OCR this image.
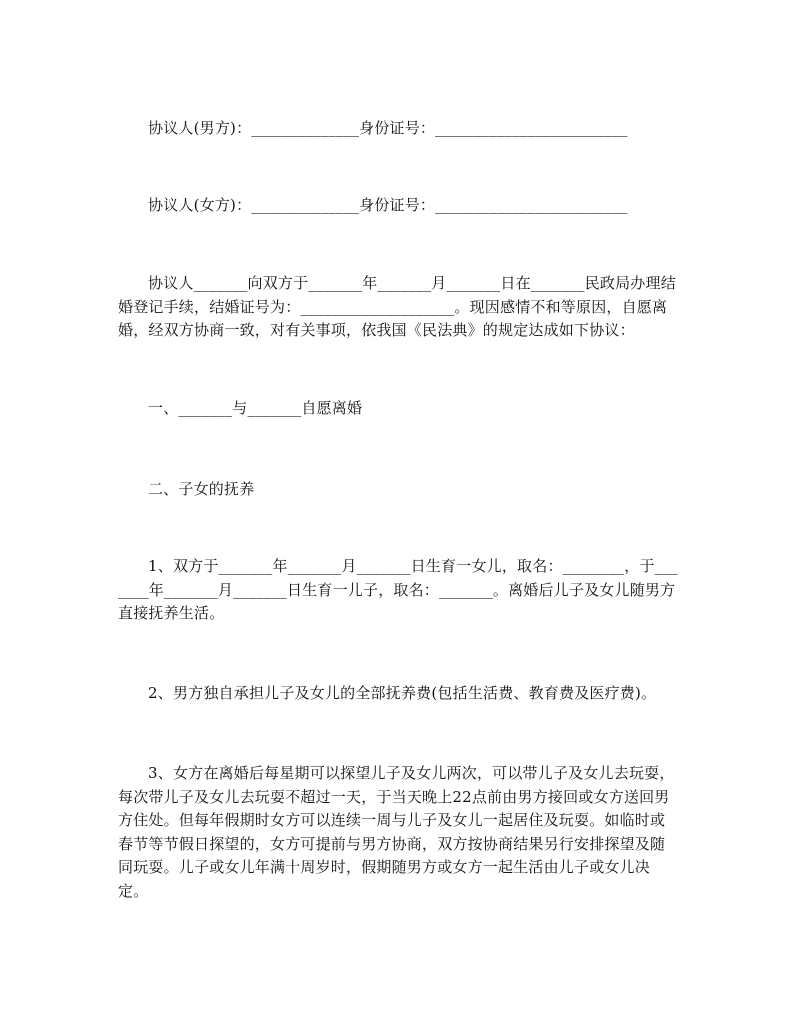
协议人(男方)：______________身份证号：_________________________

协议人(女方)：______________身份证号：_________________________

协议人_______向双方于_______年_______月_______日在_______民政局办理结婚登记手续，结婚证号为：____________________。现因感情不和等原因，自愿离婚，经双方协商一致，对有关事项，依我国《民法典》的规定达成如下协议：

一、_______与_______自愿离婚

二、子女的抚养

1、双方于_______年_______月_______日生育一女儿，取名：________，于_______年_______月_______日生育一儿子，取名：_______。离婚后儿子及女儿随男方直接抚养生活。

2、男方独自承担儿子及女儿的全部抚养费(包括生活费、教育费及医疗费)。

3、女方在离婚后每星期可以探望儿子及女儿两次，可以带儿子及女儿去玩耍，每次带儿子及女儿去玩耍不超过一天，于当天晚上22点前由男方接回或女方送回男方住处。但每年假期时女方可以连续一周与儿子及女儿一起居住及玩耍。如临时或春节等节假日探望的，女方可提前与男方协商，双方按协商结果另行安排探望及随同玩耍。儿子或女儿年满十周岁时，假期随男方或女方一起生活由儿子或女儿决定。
